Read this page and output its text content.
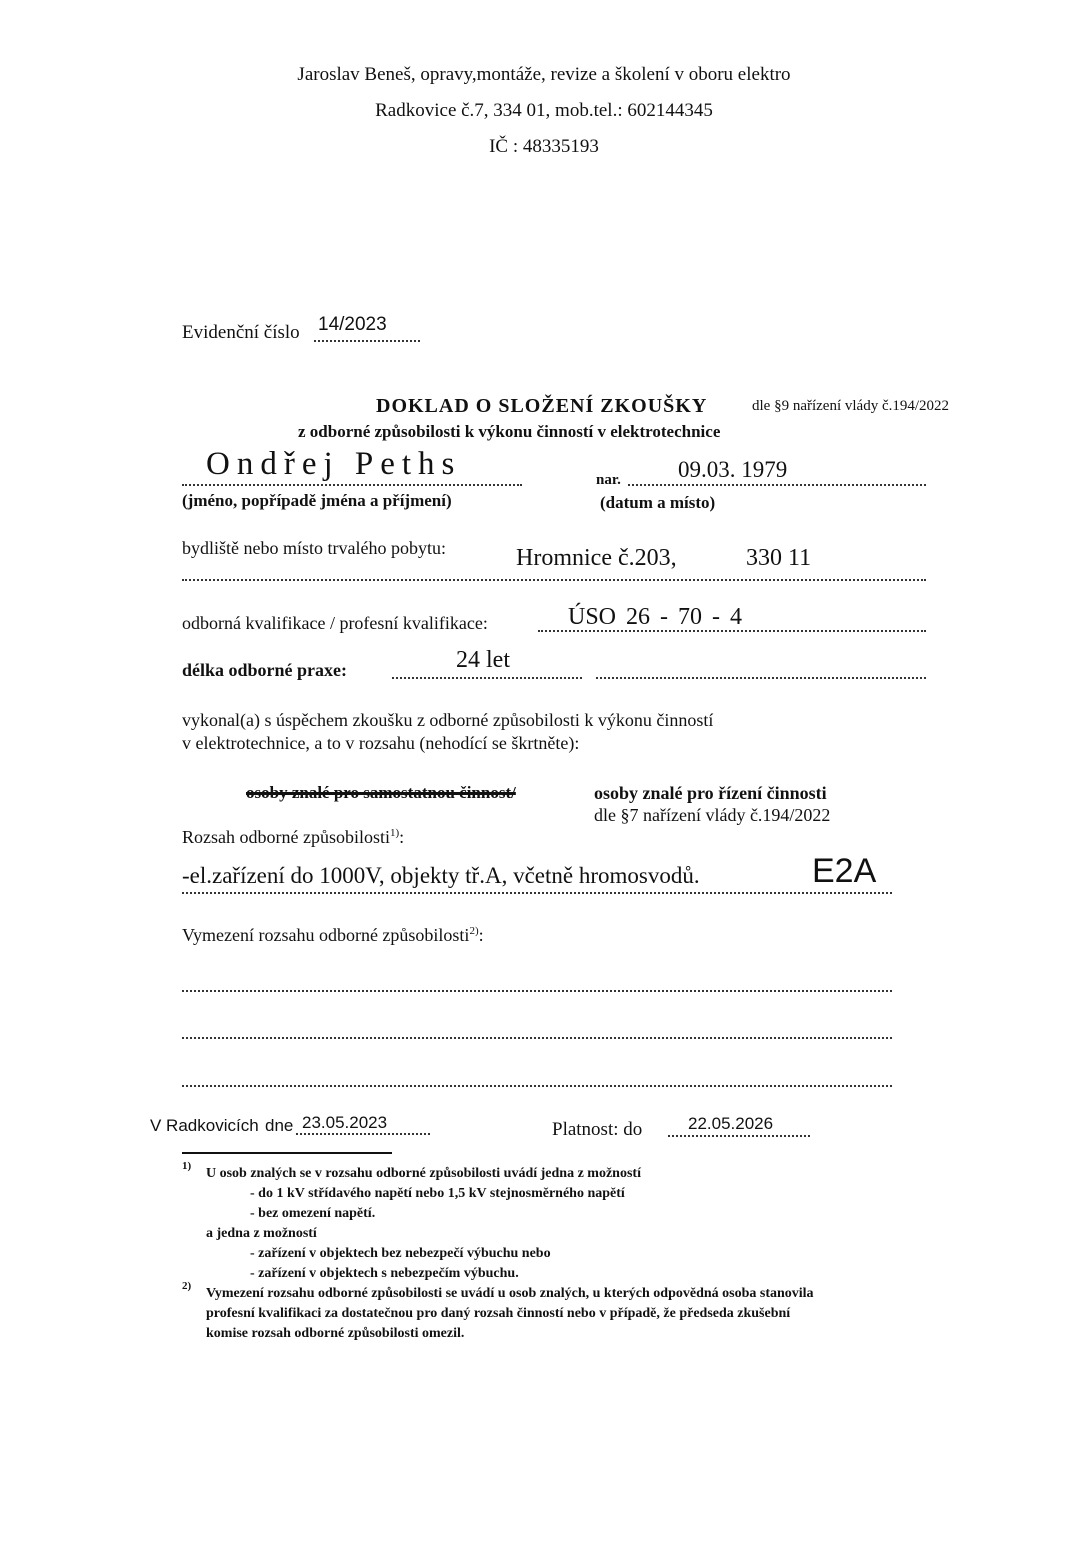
Jaroslav Beneš, opravy,montáže, revize a školení v oboru elektro
Radkovice č.7, 334 01, mob.tel.: 602144345
IČ : 48335193
Evidenční číslo 14/2023
DOKLAD O SLOŽENÍ ZKOUŠKY	dle §9 nařízení vlády č.194/2022
z odborné způsobilosti k výkonu činností v elektrotechnice
Ondřej Peths
(jméno, popřípadě jména a příjmení)
nar. 09.03. 1979
(datum a místo)
bydliště nebo místo trvalého pobytu:	Hromnice č.203,	330 11
odborná kvalifikace / profesní kvalifikace:	ÚSO 26 - 70 - 4
délka odborné praxe:	24 let
vykonal(a) s úspěchem zkoušku z odborné způsobilosti k výkonu činností
v elektrotechnice, a to v rozsahu (nehodící se škrtněte):
osoby znalé pro samostatnou činnost/	osoby znalé pro řízení činnosti
dle §7 nařízení vlády č.194/2022
Rozsah odborné způsobilosti$^{1)}$:
-el.zařízení do 1000V, objekty tř.A, včetně hromosvodů.	E2A
Vymezení rozsahu odborné způsobilosti$^{2)}$:
V Radkovicích dne 23.05.2023	Platnost: do	22.05.2026
1) U osob znalých se v rozsahu odborné způsobilosti uvádí jedna z možností
- do 1 kV střídavého napětí nebo 1,5 kV stejnosměrného napětí
- bez omezení napětí.
a jedna z možností
- zařízení v objektech bez nebezpečí výbuchu nebo
- zařízení v objektech s nebezpečím výbuchu.
2) Vymezení rozsahu odborné způsobilosti se uvádí u osob znalých, u kterých odpovědná osoba stanovila
profesní kvalifikaci za dostatečnou pro daný rozsah činností nebo v případě, že předseda zkušební
komise rozsah odborné způsobilosti omezil.
